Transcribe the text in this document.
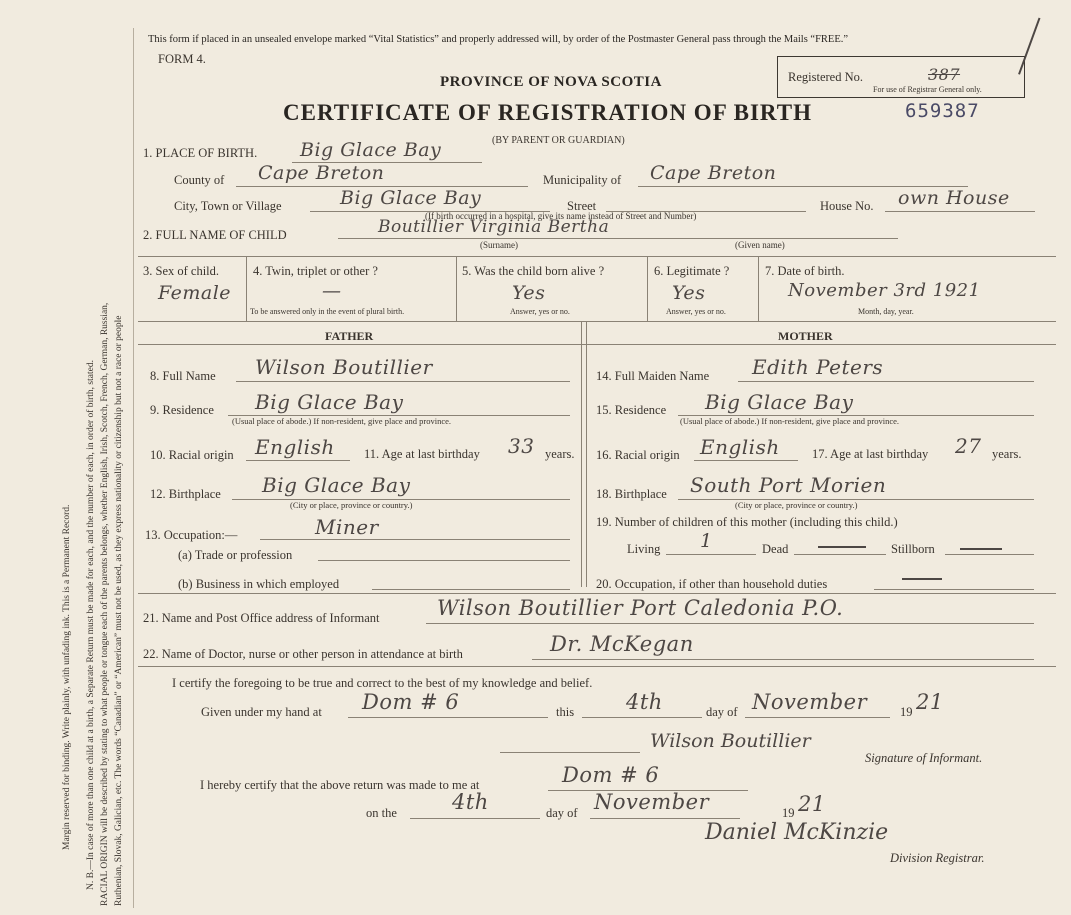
Margin reserved for binding. Write plainly, with unfading ink. This is a Permanent Record. N. B.—In case of more than one child at a birth, a Separate Return must be made for each, and the number of each, in order of birth, stated. RACIAL ORIGIN will be described by stating to what people or tongue each of the parents belongs, whether English, Irish, Scotch, French, German, Russian, Ruthenian, Slovak, Galician, etc. The words “Canadian” or “American” must not be used, as they express nationality or citizenship but not a race or people
This form if placed in an unsealed envelope marked “Vital Statistics” and properly addressed will, by order of the Postmaster General pass through the Mails “FREE.”
FORM 4.
PROVINCE OF NOVA SCOTIA
CERTIFICATE OF REGISTRATION OF BIRTH
(BY PARENT OR GUARDIAN)
Registered No.	387
For use of Registrar General only.
659387
1. PLACE OF BIRTH. Big Glace Bay
County of Cape Breton	Municipality of Cape Breton
City, Town or Village	Big Glace Bay	Street	House No. own House
(If birth occurred in a hospital, give its name instead of Street and Number)
2. FULL NAME OF CHILD	Boutillier Virginia Bertha
(Surname)	(Given name)
3. Sex of child.
Female
4. Twin, triplet or other ?
—
To be answered only in the event of plural birth.
5. Was the child born alive ?
Yes
Answer, yes or no.
6. Legitimate ?
Yes
Answer, yes or no.
7. Date of birth.
November 3rd 1921
Month, day, year.
FATHER	MOTHER
8. Full Name Wilson Boutillier
9. Residence Big Glace Bay
(Usual place of abode.) If non-resident, give place and province.
10. Racial origin English 11. Age at last birthday 33 years.
12. Birthplace Big Glace Bay
(City or place, province or country.)
13. Occupation:—	Miner
(a) Trade or profession
(b) Business in which employed
14. Full Maiden Name Edith Peters
15. Residence Big Glace Bay
(Usual place of abode.) If non-resident, give place and province.
16. Racial origin English	17. Age at last birthday 27 years.
18. Birthplace South Port Morien
(City or place, province or country.)
19. Number of children of this mother (including this child.)
Living 1	Dead	Stillborn
20. Occupation, if other than household duties
21. Name and Post Office address of Informant	Wilson Boutillier Port Caledonia P.O.
22. Name of Doctor, nurse or other person in attendance at birth	Dr. McKegan
I certify the foregoing to be true and correct to the best of my knowledge and belief.
Given under my hand at Dom # 6	this 4th	day of November	19 21
Wilson Boutillier
Signature of Informant.
I hereby certify that the above return was made to me at	Dom # 6
on the	4th	day of November	19 21
Daniel McKinzie
Division Registrar.
